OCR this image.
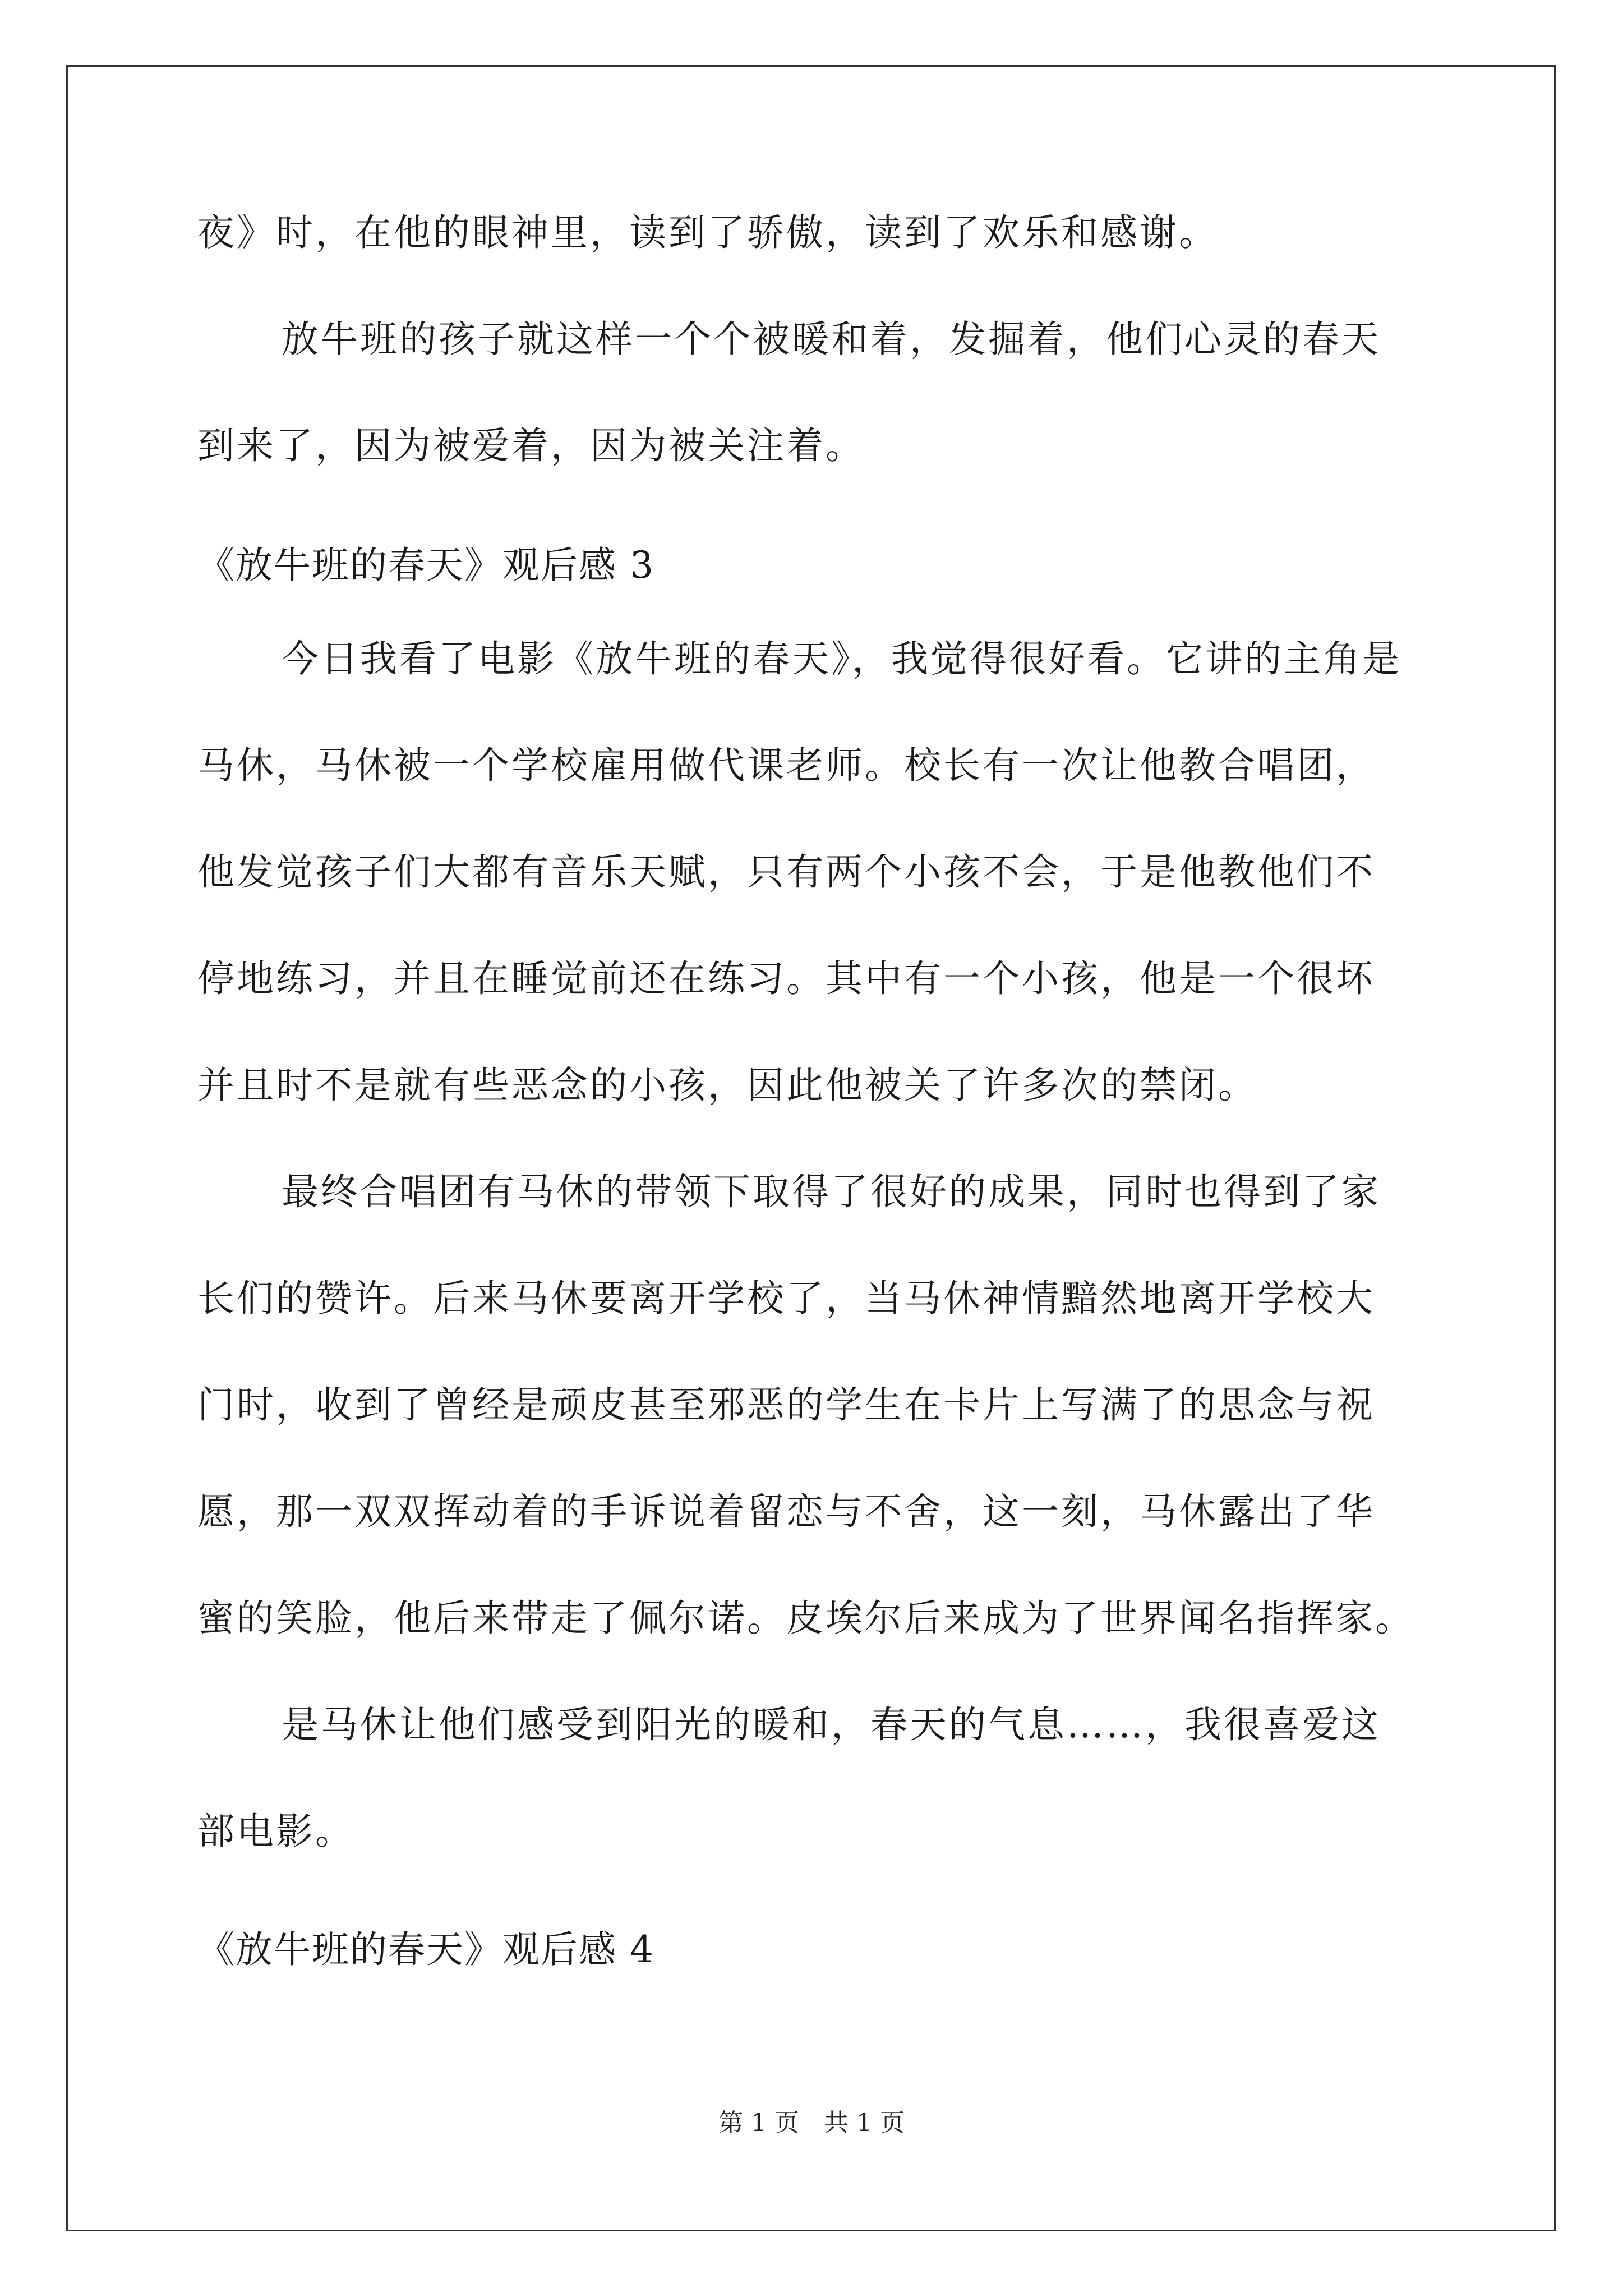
夜》时，在他的眼神里，读到了骄傲，读到了欢乐和感谢。
放牛班的孩子就这样一个个被暖和着，发掘着，他们心灵的春天
到来了，因为被爱着，因为被关注着。
今日我看了电影《放牛班的春天》，我觉得很好看。它讲的主角是
马休，马休被一个学校雇用做代课老师。校长有一次让他教合唱团，
他发觉孩子们大都有音乐天赋，只有两个小孩不会，于是他教他们不
停地练习，并且在睡觉前还在练习。其中有一个小孩，他是一个很坏
并且时不是就有些恶念的小孩，因此他被关了许多次的禁闭。
最终合唱团有马休的带领下取得了很好的成果，同时也得到了家
长们的赞许。后来马休要离开学校了，当马休神情黯然地离开学校大
门时，收到了曾经是顽皮甚至邪恶的学生在卡片上写满了的思念与祝
愿，那一双双挥动着的手诉说着留恋与不舍，这一刻，马休露出了华
蜜的笑脸，他后来带走了佩尔诺。皮埃尔后来成为了世界闻名指挥家。
是马休让他们感受到阳光的暖和，春天的气息……，我很喜爱这
部电影。
《放牛班的春天》观后感 3
《放牛班的春天》观后感 4
第 1 页　共 1 页
